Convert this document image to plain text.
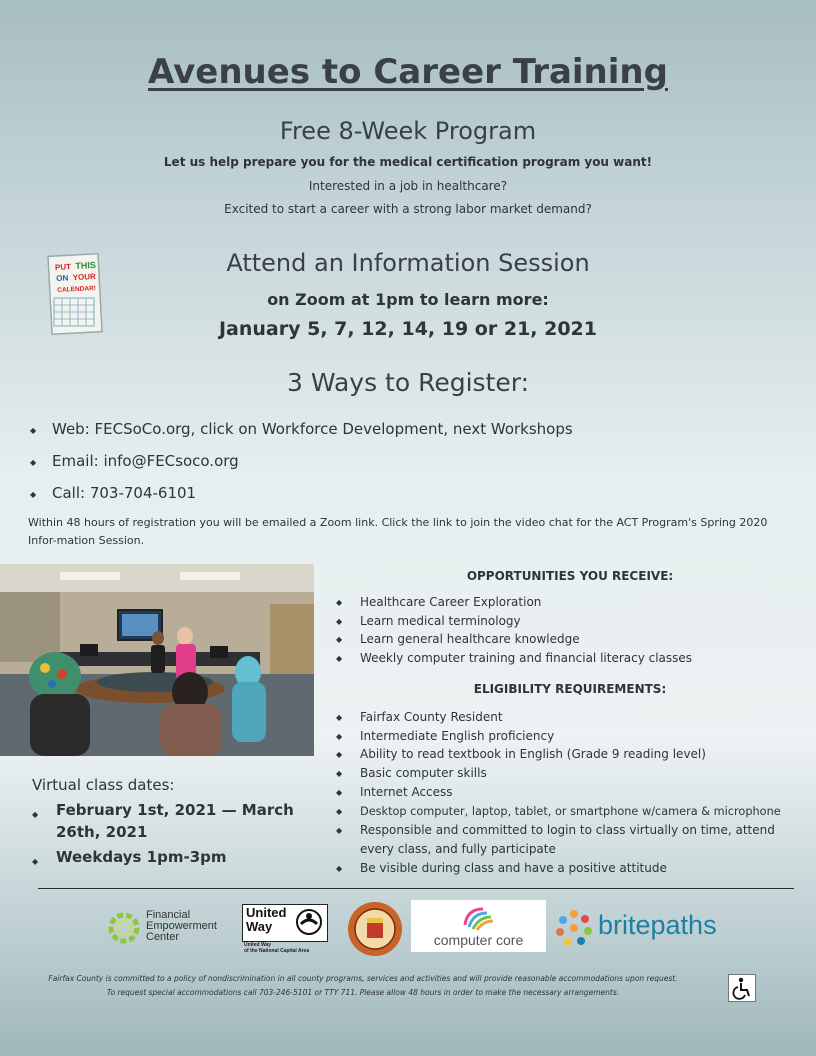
Avenues to Career Training
Free 8-Week Program
Let us help prepare you for the medical certification program you want!
Interested in a job in healthcare?
Excited to start a career with a strong labor market demand?
PUT THIS
ON YOUR
CALENDAR!
Attend an Information Session
on Zoom at 1pm to learn more:
January 5, 7, 12, 14, 19 or 21, 2021
3 Ways to Register:
◆ Web: FECSoCo.org, click on Workforce Development, next Workshops
◆ Email: info@FECsoco.org
◆ Call: 703-704-6101
Within 48 hours of registration you will be emailed a Zoom link. Click the link to join the video chat for the ACT Program's Spring 2020 Infor-mation Session.
OPPORTUNITIES YOU RECEIVE:
◆ Healthcare Career Exploration
◆ Learn medical terminology
◆ Learn general healthcare knowledge
◆ Weekly computer training and financial literacy classes
ELIGIBILITY REQUIREMENTS:
◆ Fairfax County Resident
◆ Intermediate English proficiency
◆ Ability to read textbook in English (Grade 9 reading level)
◆ Basic computer skills
◆ Internet Access
◆ Desktop computer, laptop, tablet, or smartphone w/camera & microphone
◆ Responsible and committed to login to class virtually on time, attend every class, and fully participate
◆ Be visible during class and have a positive attitude
Virtual class dates:
◆ February 1st, 2021 — March 26th, 2021
◆ Weekdays 1pm-3pm
Financial
Empowerment
Center
United
Way
United Way
of the National Capital Area
computer core	britepaths
Fairfax County is committed to a policy of nondiscrimination in all county programs, services and activities and will provide reasonable accommodations upon request.
To request special accommodations call 703-246-5101 or TTY 711. Please allow 48 hours in order to make the necessary arrangements.
